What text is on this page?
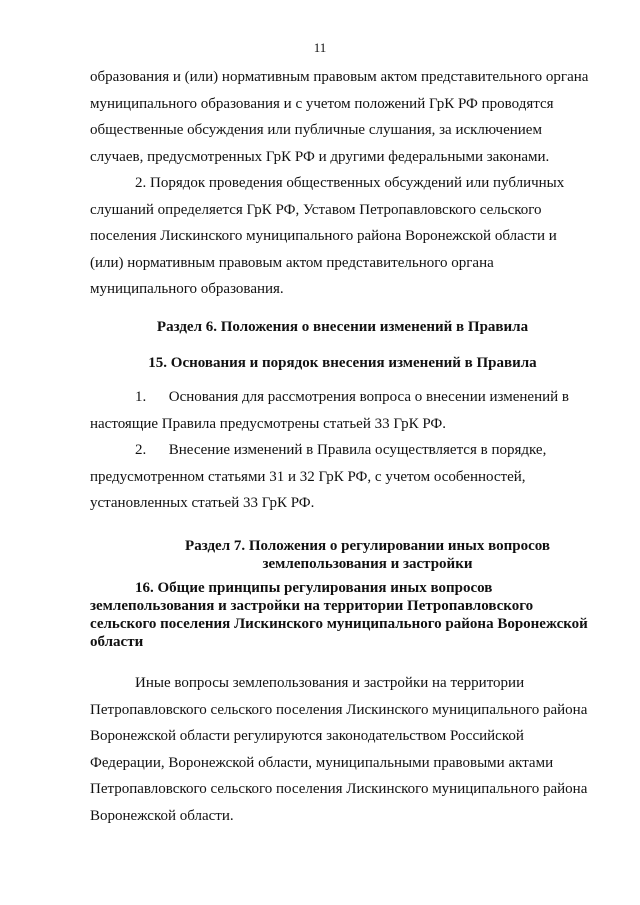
11

образования и (или) нормативным правовым актом представительного органа
муниципального образования и с учетом положений ГрК РФ проводятся
общественные обсуждения или публичные слушания, за исключением
случаев, предусмотренных ГрК РФ и другими федеральными законами.

2. Порядок проведения общественных обсуждений или публичных
слушаний определяется ГрК РФ, Уставом Петропавловского сельского
поселения Лискинского муниципального района Воронежской области и
(или) нормативным правовым актом представительного органа
муниципального образования.

Раздел 6. Положения о внесении изменений в Правила
15. Основания и порядок внесения изменений в Правила

1.  Основания для рассмотрения вопроса о внесении изменений в
настоящие Правила предусмотрены статьей 33 ГрК РФ.

2.  Внесение изменений в Правила осуществляется в порядке,
предусмотренном статьями 31 и 32 ГрК РФ, с учетом особенностей,
установленных статьей 33 ГрК РФ.

Раздел 7. Положения о регулировании иных вопросов
землепользования и застройки
16. Общие принципы регулирования иных вопросов
землепользования и застройки на территории Петропавловского
сельского поселения Лискинского муниципального района Воронежской
области

Иные вопросы землепользования и застройки на территории
Петропавловского сельского поселения Лискинского муниципального района
Воронежской области регулируются законодательством Российской
Федерации, Воронежской области, муниципальными правовыми актами
Петропавловского сельского поселения Лискинского муниципального района
Воронежской области.
